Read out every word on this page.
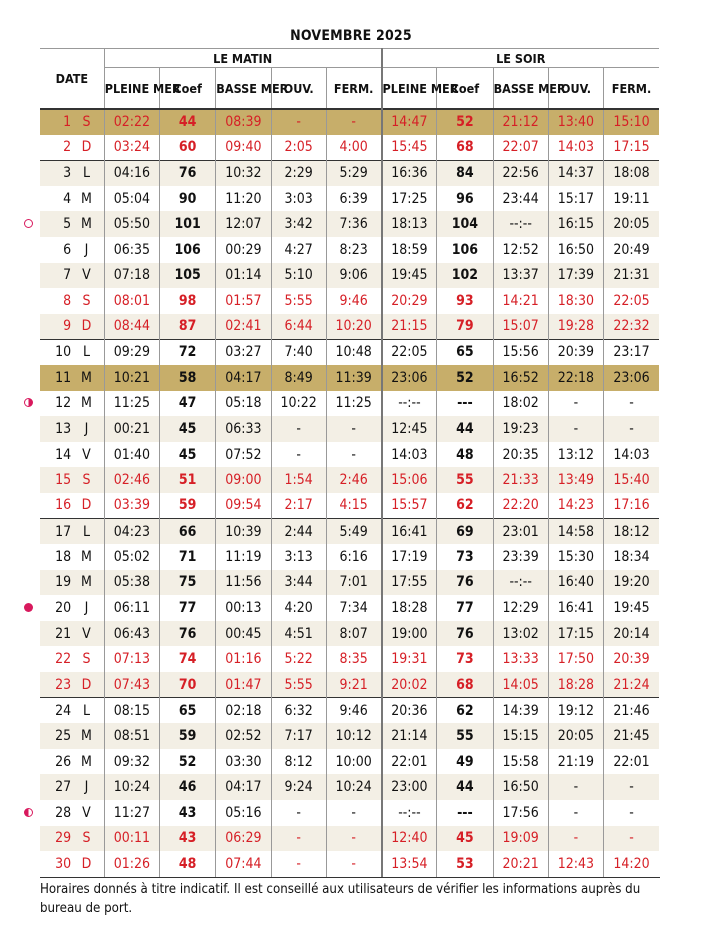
NOVEMBRE 2025
DATE		LE MATIN					LE SOIR				
		PLEINE MER	Coef	BASSE MER	OUV.	FERM.	PLEINE MER	Coef	BASSE MER	OUV.	FERM.
1	S	02:22	44	08:39	-	-	14:47	52	21:12	13:40	15:10
2	D	03:24	60	09:40	2:05	4:00	15:45	68	22:07	14:03	17:15
3	L	04:16	76	10:32	2:29	5:29	16:36	84	22:56	14:37	18:08
4	M	05:04	90	11:20	3:03	6:39	17:25	96	23:44	15:17	19:11
5	M	05:50	101	12:07	3:42	7:36	18:13	104	--:--	16:15	20:05
6	J	06:35	106	00:29	4:27	8:23	18:59	106	12:52	16:50	20:49
7	V	07:18	105	01:14	5:10	9:06	19:45	102	13:37	17:39	21:31
8	S	08:01	98	01:57	5:55	9:46	20:29	93	14:21	18:30	22:05
9	D	08:44	87	02:41	6:44	10:20	21:15	79	15:07	19:28	22:32
10	L	09:29	72	03:27	7:40	10:48	22:05	65	15:56	20:39	23:17
11	M	10:21	58	04:17	8:49	11:39	23:06	52	16:52	22:18	23:06
12	M	11:25	47	05:18	10:22	11:25	--:--	---	18:02	-	-
13	J	00:21	45	06:33	-	-	12:45	44	19:23	-	-
14	V	01:40	45	07:52	-	-	14:03	48	20:35	13:12	14:03
15	S	02:46	51	09:00	1:54	2:46	15:06	55	21:33	13:49	15:40
16	D	03:39	59	09:54	2:17	4:15	15:57	62	22:20	14:23	17:16
17	L	04:23	66	10:39	2:44	5:49	16:41	69	23:01	14:58	18:12
18	M	05:02	71	11:19	3:13	6:16	17:19	73	23:39	15:30	18:34
19	M	05:38	75	11:56	3:44	7:01	17:55	76	--:--	16:40	19:20
20	J	06:11	77	00:13	4:20	7:34	18:28	77	12:29	16:41	19:45
21	V	06:43	76	00:45	4:51	8:07	19:00	76	13:02	17:15	20:14
22	S	07:13	74	01:16	5:22	8:35	19:31	73	13:33	17:50	20:39
23	D	07:43	70	01:47	5:55	9:21	20:02	68	14:05	18:28	21:24
24	L	08:15	65	02:18	6:32	9:46	20:36	62	14:39	19:12	21:46
25	M	08:51	59	02:52	7:17	10:12	21:14	55	15:15	20:05	21:45
26	M	09:32	52	03:30	8:12	10:00	22:01	49	15:58	21:19	22:01
27	J	10:24	46	04:17	9:24	10:24	23:00	44	16:50	-	-
28	V	11:27	43	05:16	-	-	--:--	---	17:56	-	-
29	S	00:11	43	06:29	-	-	12:40	45	19:09	-	-
30	D	01:26	48	07:44	-	-	13:54	53	20:21	12:43	14:20
Horaires donnés à titre indicatif. Il est conseillé aux utilisateurs de vérifier les informations auprès du bureau de port.
